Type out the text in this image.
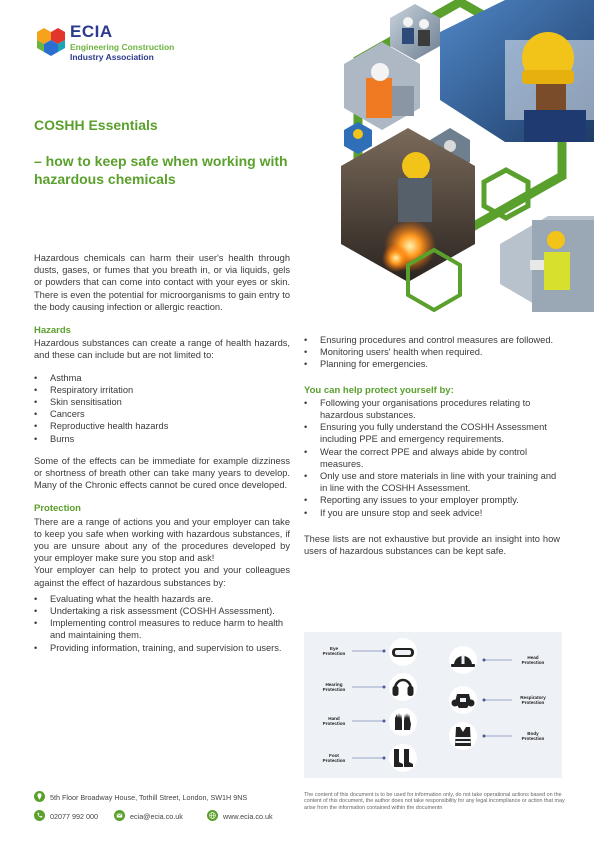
ECIA
Engineering Construction
Industry Association
COSHH Essentials
– how to keep safe when working with hazardous chemicals

Hazardous chemicals can harm their user's health through dusts, gases, or fumes that you breath in, or via liquids, gels or powders that can come into contact with your eyes or skin. There is even the potential for microorganisms to gain entry to the body causing infection or allergic reaction.

Hazards

Hazardous substances can create a range of health hazards, and these can include but are not limited to:

• Asthma
• Respiratory irritation
• Skin sensitisation
• Cancers
• Reproductive health hazards
• Burns

Some of the effects can be immediate for example dizziness or shortness of breath other can take many years to develop. Many of the Chronic effects cannot be cured once developed.

Protection

There are a range of actions you and your employer can take to keep you safe when working with hazardous substances, if you are unsure about any of the procedures developed by your employer make sure you stop and ask!

Your employer can help to protect you and your colleagues against the effect of hazardous substances by:

• Evaluating what the health hazards are.
• Undertaking a risk assessment (COSHH Assessment).
• Implementing control measures to reduce harm to health and maintaining them.
• Providing information, training, and supervision to users.
• Ensuring procedures and control measures are followed.
• Monitoring users' health when required.
• Planning for emergencies.
You can help protect yourself by:
• Following your organisations procedures relating to hazardous substances.
• Ensuring you fully understand the COSHH Assessment including PPE and emergency requirements.
• Wear the correct PPE and always abide by control measures.
• Only use and store materials in line with your training and in line with the COSHH Assessment.
• Reporting any issues to your employer promptly.
• If you are unsure stop and seek advice!

These lists are not exhaustive but provide an insight into how users of hazardous substances can be kept safe.

Eye
Protection
Hearing
Protection
Hand
Protection
Foot
Protection
Head
Protection
Respiratory
Protection
Body
Protection
5th Floor Broadway House, Tothill Street, London, SW1H 9NS
02077 992 000	ecia@ecia.co.uk	www.ecia.co.uk
The content of this document is to be used for information only, do not take operational actions based on the content of this document, the author does not take responsibility for any legal incompliance or action that may arise from the information contained within the documentn
